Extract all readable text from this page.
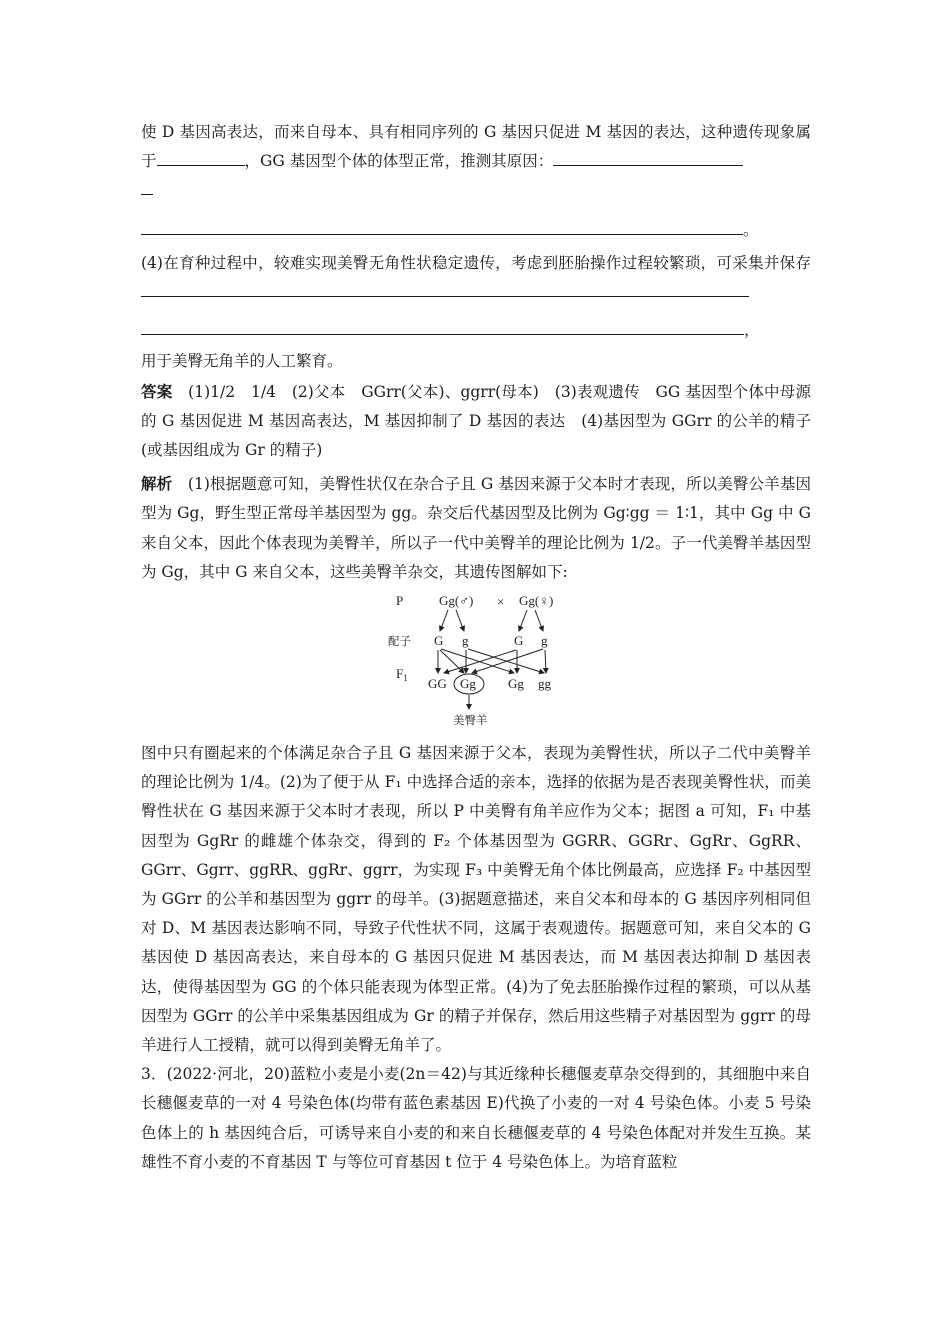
使 D 基因高表达，而来自母本、具有相同序列的 G 基因只促进 M 基因的表达，这种遗传现象属于	，GG 基因型个体的体型正常，推测其原因：

。

(4)在育种过程中，较难实现美臀无角性状稳定遗传，考虑到胚胎操作过程较繁琐，可采集并保存

，

用于美臀无角羊的人工繁育。

答案　 (1)1/2　1/4　(2)父本　GGrr(父本)、ggrr(母本)　(3)表观遗传　GG 基因型个体中母源的 G 基因促进 M 基因高表达，M 基因抑制了 D 基因的表达　(4)基因型为 GGrr 的公羊的精子(或基因组成为 Gr 的精子)

解析　 (1)根据题意可知，美臀性状仅在杂合子且 G 基因来源于父本时才表现，所以美臀公羊基因型为 Gg，野生型正常母羊基因型为 gg。杂交后代基因型及比例为 Gg∶gg ＝ 1∶1，其中 Gg 中 G 来自父本，因此个体表现为美臀羊，所以子一代中美臀羊的理论比例为 1/2。子一代美臀羊基因型为 Gg，其中 G 来自父本，这些美臀羊杂交，其遗传图解如下:

P	Gg(♂) × Gg(♀)
配子 G g	G g
$F_1$ GG Gg Gg gg
美臀羊

图中只有圈起来的个体满足杂合子且 G 基因来源于父本，表现为美臀性状，所以子二代中美臀羊的理论比例为 1/4。(2)为了便于从 F₁ 中选择合适的亲本，选择的依据为是否表现美臀性状，而美臀性状在 G 基因来源于父本时才表现，所以 P 中美臀有角羊应作为父本；据图 a 可知，F₁ 中基因型为 GgRr 的雌雄个体杂交，得到的 F₂ 个体基因型为 GGRR、GGRr、GgRr、GgRR、GGrr、Ggrr、ggRR、ggRr、ggrr，为实现 F₃ 中美臀无角个体比例最高，应选择 F₂ 中基因型为 GGrr 的公羊和基因型为 ggrr 的母羊。(3)据题意描述，来自父本和母本的 G 基因序列相同但对 D、M 基因表达影响不同，导致子代性状不同，这属于表观遗传。据题意可知，来自父本的 G 基因使 D 基因高表达，来自母本的 G 基因只促进 M 基因表达，而 M 基因表达抑制 D 基因表达，使得基因型为 GG 的个体只能表现为体型正常。(4)为了免去胚胎操作过程的繁琐，可以从基因型为 GGrr 的公羊中采集基因组成为 Gr 的精子并保存，然后用这些精子对基因型为 ggrr 的母羊进行人工授精，就可以得到美臀无角羊了。

3．(2022·河北，20)蓝粒小麦是小麦(2n＝42)与其近缘种长穗偃麦草杂交得到的，其细胞中来自长穗偃麦草的一对 4 号染色体(均带有蓝色素基因 E)代换了小麦的一对 4 号染色体。小麦 5 号染色体上的 h 基因纯合后，可诱导来自小麦的和来自长穗偃麦草的 4 号染色体配对并发生互换。某雄性不育小麦的不育基因 T 与等位可育基因 t 位于 4 号染色体上。为培育蓝粒
